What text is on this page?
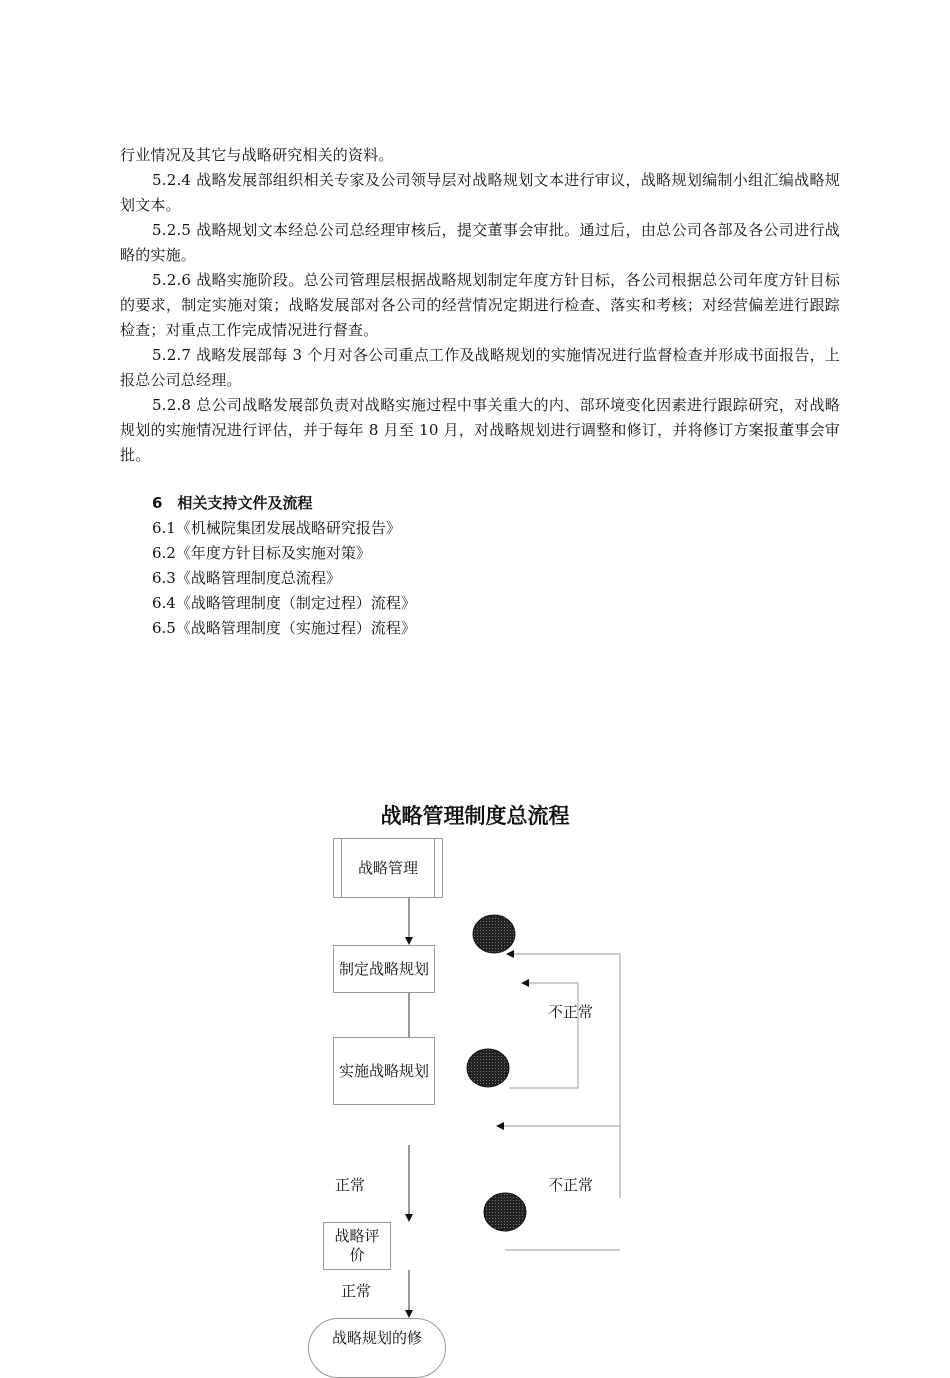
行业情况及其它与战略研究相关的资料。

5.2.4 战略发展部组织相关专家及公司领导层对战略规划文本进行审议，战略规划编制小组汇编战略规划文本。

5.2.5 战略规划文本经总公司总经理审核后，提交董事会审批。通过后，由总公司各部及各公司进行战略的实施。

5.2.6 战略实施阶段。总公司管理层根据战略规划制定年度方针目标，各公司根据总公司年度方针目标的要求，制定实施对策；战略发展部对各公司的经营情况定期进行检查、落实和考核；对经营偏差进行跟踪检查；对重点工作完成情况进行督查。

5.2.7 战略发展部每 3 个月对各公司重点工作及战略规划的实施情况进行监督检查并形成书面报告，上报总公司总经理。

5.2.8 总公司战略发展部负责对战略实施过程中事关重大的内、部环境变化因素进行跟踪研究，对战略规划的实施情况进行评估，并于每年 8 月至 10 月，对战略规划进行调整和修订，并将修订方案报董事会审批。

6　相关支持文件及流程
6.1《机械院集团发展战略研究报告》
6.2《年度方针目标及实施对策》
6.3《战略管理制度总流程》
6.4《战略管理制度（制定过程）流程》
6.5《战略管理制度（实施过程）流程》
战略管理制度总流程
战略管理
制定战略规划
实施战略规划
战略评价
战略规划的修
正常
正常
不正常
不正常
